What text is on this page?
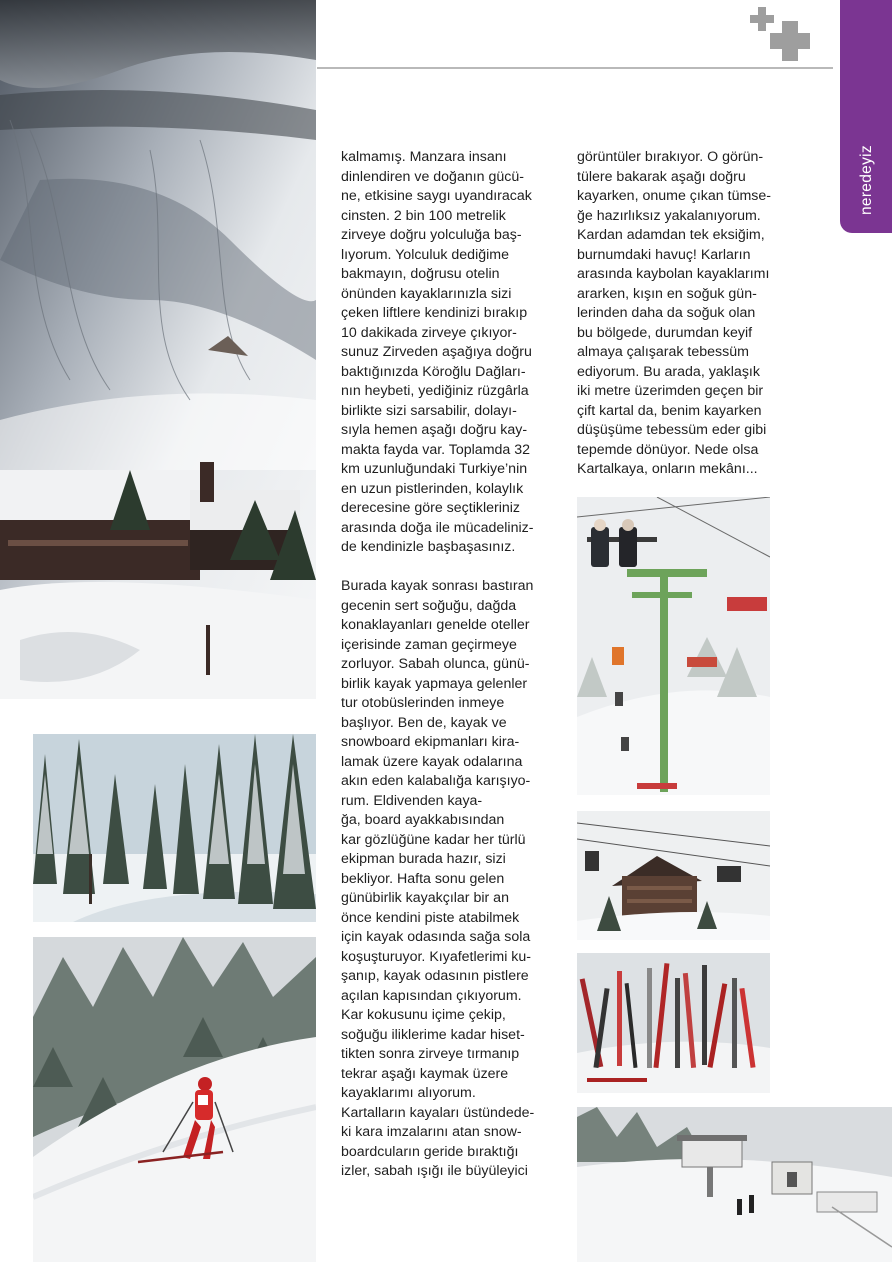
neredeyiz
kalmamış. Manzara insanı
dinlendiren ve doğanın gücü-
ne, etkisine saygı uyandıracak
cinsten. 2 bin 100 metrelik
zirveye doğru yolculuğa baş-
lıyorum. Yolculuk dediğime
bakmayın, doğrusu otelin
önünden kayaklarınızla sizi
çeken liftlere kendinizi bırakıp
10 dakikada zirveye çıkıyor-
sunuz Zirveden aşağıya doğru
baktığınızda Köroğlu Dağları-
nın heybeti, yediğiniz rüzgârla
birlikte sizi sarsabilir, dolayı-
sıyla hemen aşağı doğru kay-
makta fayda var. Toplamda 32
km uzunluğundaki Turkiye’nin
en uzun pistlerinden, kolaylık
derecesine göre seçtikleriniz
arasında doğa ile mücadeliniz-
de kendinizle başbaşasınız.
Burada kayak sonrası bastıran
gecenin sert soğuğu, dağda
konaklayanları genelde oteller
içerisinde zaman geçirmeye
zorluyor. Sabah olunca, günü-
birlik kayak yapmaya gelenler
tur otobüslerinden inmeye
başlıyor. Ben de, kayak ve
snowboard ekipmanları kira-
lamak üzere kayak odalarına
akın eden kalabalığa karışıyo-
rum. Eldivenden kaya-
ğa, board ayakkabısından
kar gözlüğüne kadar her türlü
ekipman burada hazır, sizi
bekliyor. Hafta sonu gelen
günübirlik kayakçılar bir an
önce kendini piste atabilmek
için kayak odasında sağa sola
koşuşturuyor. Kıyafetlerimi ku-
şanıp, kayak odasının pistlere
açılan kapısından çıkıyorum.
Kar kokusunu içime çekip,
soğuğu iliklerime kadar hiset-
tikten sonra zirveye tırmanıp
tekrar aşağı kaymak üzere
kayaklarımı alıyorum.
Kartalların kayaları üstündede-
ki kara imzalarını atan snow-
boardcuların geride bıraktığı
izler, sabah ışığı ile büyüleyici
görüntüler bırakıyor. O görün-
tülere bakarak aşağı doğru
kayarken, onume çıkan tümse-
ğe hazırlıksız yakalanıyorum.
Kardan adamdan tek eksiğim,
burnumdaki havuç! Karların
arasında kaybolan kayaklarımı
ararken, kışın en soğuk gün-
lerinden daha da soğuk olan
bu bölgede, durumdan keyif
almaya çalışarak tebessüm
ediyorum. Bu arada, yaklaşık
iki metre üzerimden geçen bir
çift kartal da, benim kayarken
düşüşüme tebessüm eder gibi
tepemde dönüyor. Nede olsa
Kartalkaya, onların mekânı...
